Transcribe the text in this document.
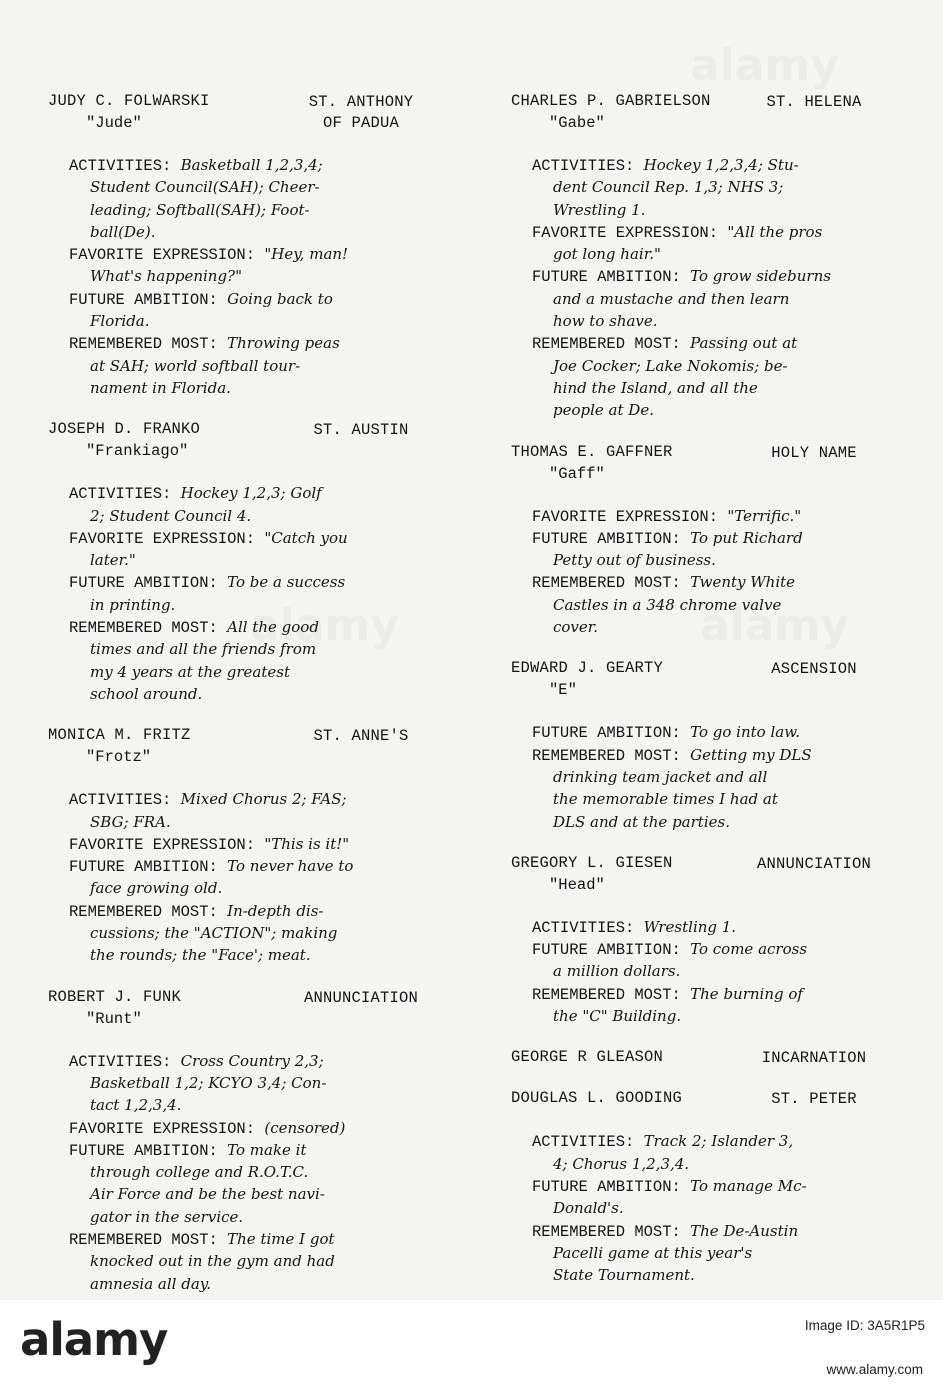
JUDY C. FOLWARSKI	ST. ANTHONY
OF PADUA
"Jude"
ACTIVITIES: Basketball 1,2,3,4;
Student Council(SAH); Cheer-
leading; Softball(SAH); Foot-
ball(De).
FAVORITE EXPRESSION: "Hey, man!
What's happening?"
FUTURE AMBITION: Going back to
Florida.
REMEMBERED MOST: Throwing peas
at SAH; world softball tour-
nament in Florida.
JOSEPH D. FRANKO	ST. AUSTIN
"Frankiago"
ACTIVITIES: Hockey 1,2,3; Golf
2; Student Council 4.
FAVORITE EXPRESSION: "Catch you
later."
FUTURE AMBITION: To be a success
in printing.
REMEMBERED MOST: All the good
times and all the friends from
my 4 years at the greatest
school around.
MONICA M. FRITZ	ST. ANNE'S
"Frotz"
ACTIVITIES: Mixed Chorus 2; FAS;
SBG; FRA.
FAVORITE EXPRESSION: "This is it!"
FUTURE AMBITION: To never have to
face growing old.
REMEMBERED MOST: In-depth dis-
cussions; the "ACTION"; making
the rounds; the "Face'; meat.
ROBERT J. FUNK	ANNUNCIATION
"Runt"
ACTIVITIES: Cross Country 2,3;
Basketball 1,2; KCYO 3,4; Con-
tact 1,2,3,4.
FAVORITE EXPRESSION: (censored)
FUTURE AMBITION: To make it
through college and R.O.T.C.
Air Force and be the best navi-
gator in the service.
REMEMBERED MOST: The time I got
knocked out in the gym and had
amnesia all day.
CHARLES P. GABRIELSON	ST. HELENA
"Gabe"
ACTIVITIES: Hockey 1,2,3,4; Stu-
dent Council Rep. 1,3; NHS 3;
Wrestling 1.
FAVORITE EXPRESSION: "All the pros
got long hair."
FUTURE AMBITION: To grow sideburns
and a mustache and then learn
how to shave.
REMEMBERED MOST: Passing out at
Joe Cocker; Lake Nokomis; be-
hind the Island, and all the
people at De.
THOMAS E. GAFFNER	HOLY NAME
"Gaff"
FAVORITE EXPRESSION: "Terrific."
FUTURE AMBITION: To put Richard
Petty out of business.
REMEMBERED MOST: Twenty White
Castles in a 348 chrome valve
cover.
EDWARD J. GEARTY	ASCENSION
"E"
FUTURE AMBITION: To go into law.
REMEMBERED MOST: Getting my DLS
drinking team jacket and all
the memorable times I had at
DLS and at the parties.
GREGORY L. GIESEN	ANNUNCIATION
"Head"
ACTIVITIES: Wrestling 1.
FUTURE AMBITION: To come across
a million dollars.
REMEMBERED MOST: The burning of
the "C" Building.
GEORGE R GLEASON	INCARNATION
DOUGLAS L. GOODING	ST. PETER
ACTIVITIES: Track 2; Islander 3,
4; Chorus 1,2,3,4.
FUTURE AMBITION: To manage Mc-
Donald's.
REMEMBERED MOST: The De-Austin
Pacelli game at this year's
State Tournament.
alamy	Image ID: 3A5R1P5
www.alamy.com
